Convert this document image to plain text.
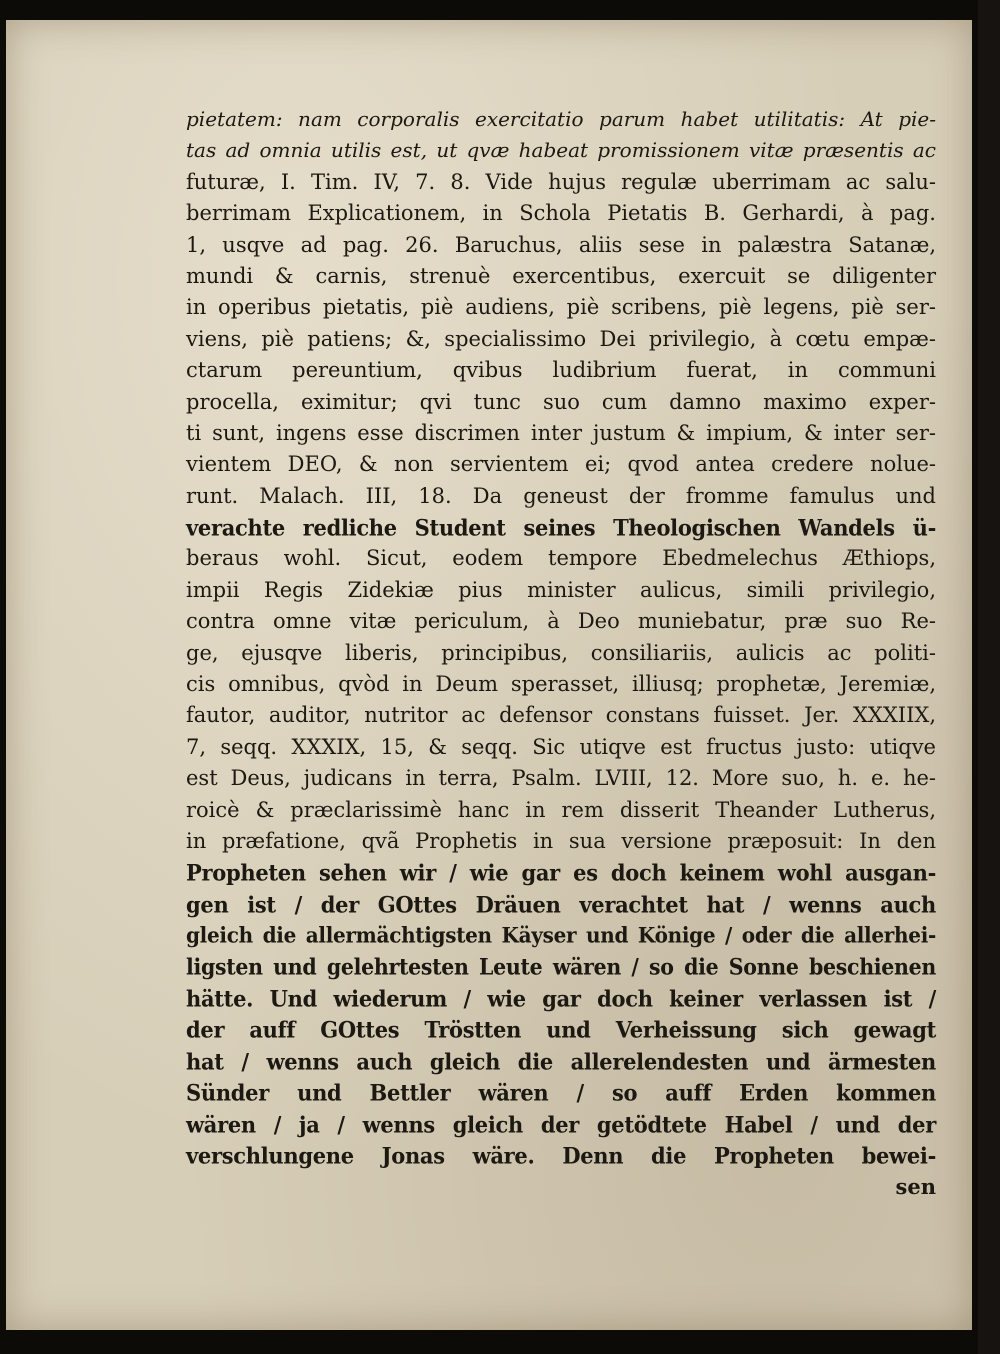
pietatem: nam corporalis exercitatio parum habet utilitatis: At pie-
tas ad omnia utilis est, ut qvæ habeat promissionem vitæ præsentis ac
futuræ, I. Tim. IV, 7. 8. Vide hujus regulæ uberrimam ac salu-
berrimam Explicationem, in Schola Pietatis B. Gerhardi, à pag.
1, usqve ad pag. 26. Baruchus, aliis sese in palæstra Satanæ,
mundi & carnis, strenuè exercentibus, exercuit se diligenter
in operibus pietatis, piè audiens, piè scribens, piè legens, piè ser-
viens, piè patiens; &, specialissimo Dei privilegio, à cœtu empæ-
ctarum pereuntium, qvibus ludibrium fuerat, in communi
procella, eximitur; qvi tunc suo cum damno maximo exper-
ti sunt, ingens esse discrimen inter justum & impium, & inter ser-
vientem DEO, & non servientem ei; qvod antea credere nolue-
runt. Malach. III, 18. Da geneust der fromme famulus und
verachte redliche Student seines Theologischen Wandels ü-
beraus wohl. Sicut, eodem tempore Ebedmelechus Æthiops,
impii Regis Zidekiæ pius minister aulicus, simili privilegio,
contra omne vitæ periculum, à Deo muniebatur, præ suo Re-
ge, ejusqve liberis, principibus, consiliariis, aulicis ac politi-
cis omnibus, qvòd in Deum sperasset, illiusq; prophetæ, Jeremiæ,
fautor, auditor, nutritor ac defensor constans fuisset. Jer. XXXIIX,
7, seqq. XXXIX, 15, & seqq. Sic utiqve est fructus justo: utiqve
est Deus, judicans in terra, Psalm. LVIII, 12. More suo, h. e. he-
roicè & præclarissimè hanc in rem disserit Theander Lutherus,
in præfatione, qvã Prophetis in sua versione præposuit: In den
Propheten sehen wir / wie gar es doch keinem wohl ausgan-
gen ist / der GOttes Dräuen verachtet hat / wenns auch
gleich die allermächtigsten Käyser und Könige / oder die allerhei-
ligsten und gelehrtesten Leute wären / so die Sonne beschienen
hätte. Und wiederum / wie gar doch keiner verlassen ist /
der auff GOttes Tröstten und Verheissung sich gewagt
hat / wenns auch gleich die allerelendesten und ärmesten
Sünder und Bettler wären / so auff Erden kommen
wären / ja / wenns gleich der getödtete Habel / und der
verschlungene Jonas wäre. Denn die Propheten bewei-
sen
